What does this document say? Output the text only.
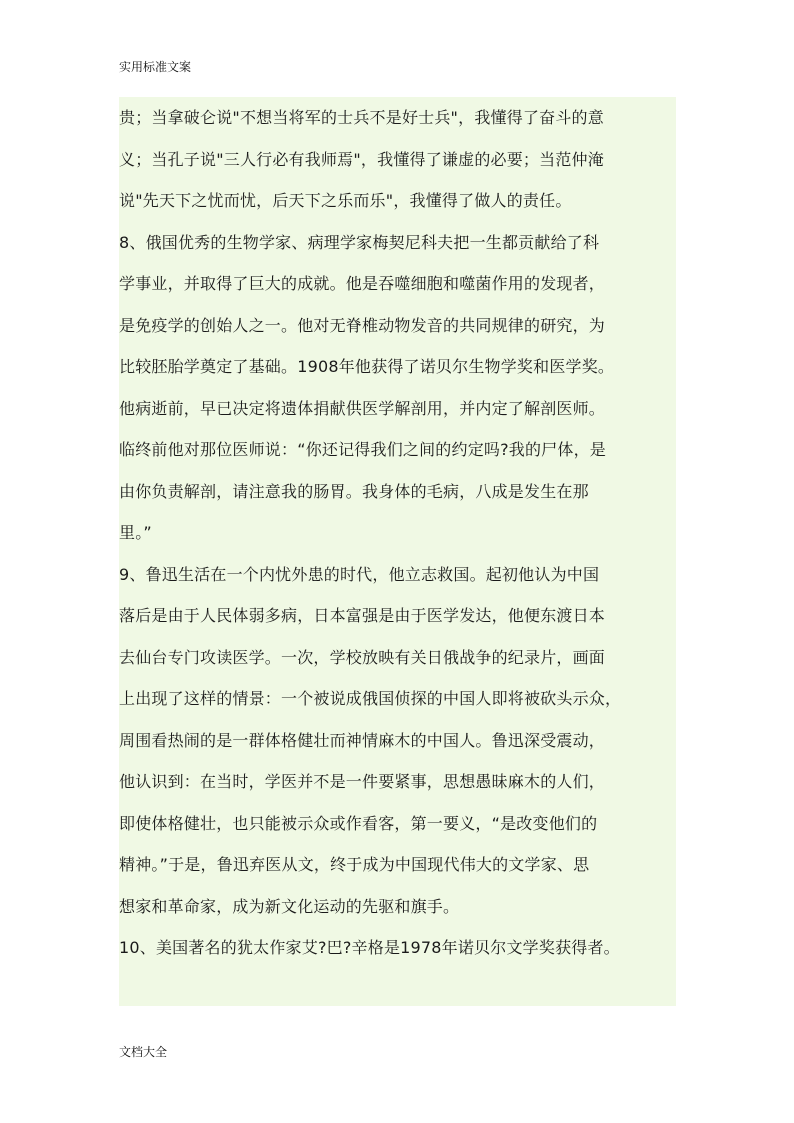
实用标准文案
贵；当拿破仑说"不想当将军的士兵不是好士兵"，我懂得了奋斗的意
义；当孔子说"三人行必有我师焉"，我懂得了谦虚的必要；当范仲淹
说"先天下之忧而忧，后天下之乐而乐"，我懂得了做人的责任。
8、俄国优秀的生物学家、病理学家梅契尼科夫把一生都贡献给了科
学事业，并取得了巨大的成就。他是吞噬细胞和噬菌作用的发现者，
是免疫学的创始人之一。他对无脊椎动物发音的共同规律的研究，为
比较胚胎学奠定了基础。1908年他获得了诺贝尔生物学奖和医学奖。
他病逝前，早已决定将遗体捐献供医学解剖用，并内定了解剖医师。
临终前他对那位医师说：“你还记得我们之间的约定吗?我的尸体，是
由你负责解剖，请注意我的肠胃。我身体的毛病，八成是发生在那
里。”
9、鲁迅生活在一个内忧外患的时代，他立志救国。起初他认为中国
落后是由于人民体弱多病，日本富强是由于医学发达，他便东渡日本
去仙台专门攻读医学。一次，学校放映有关日俄战争的纪录片，画面
上出现了这样的情景：一个被说成俄国侦探的中国人即将被砍头示众，
周围看热闹的是一群体格健壮而神情麻木的中国人。鲁迅深受震动，
他认识到：在当时，学医并不是一件要紧事，思想愚昧麻木的人们，
即使体格健壮，也只能被示众或作看客，第一要义，“是改变他们的
精神。”于是，鲁迅弃医从文，终于成为中国现代伟大的文学家、思
想家和革命家，成为新文化运动的先驱和旗手。
10、美国著名的犹太作家艾?巴?辛格是1978年诺贝尔文学奖获得者。
文档大全
